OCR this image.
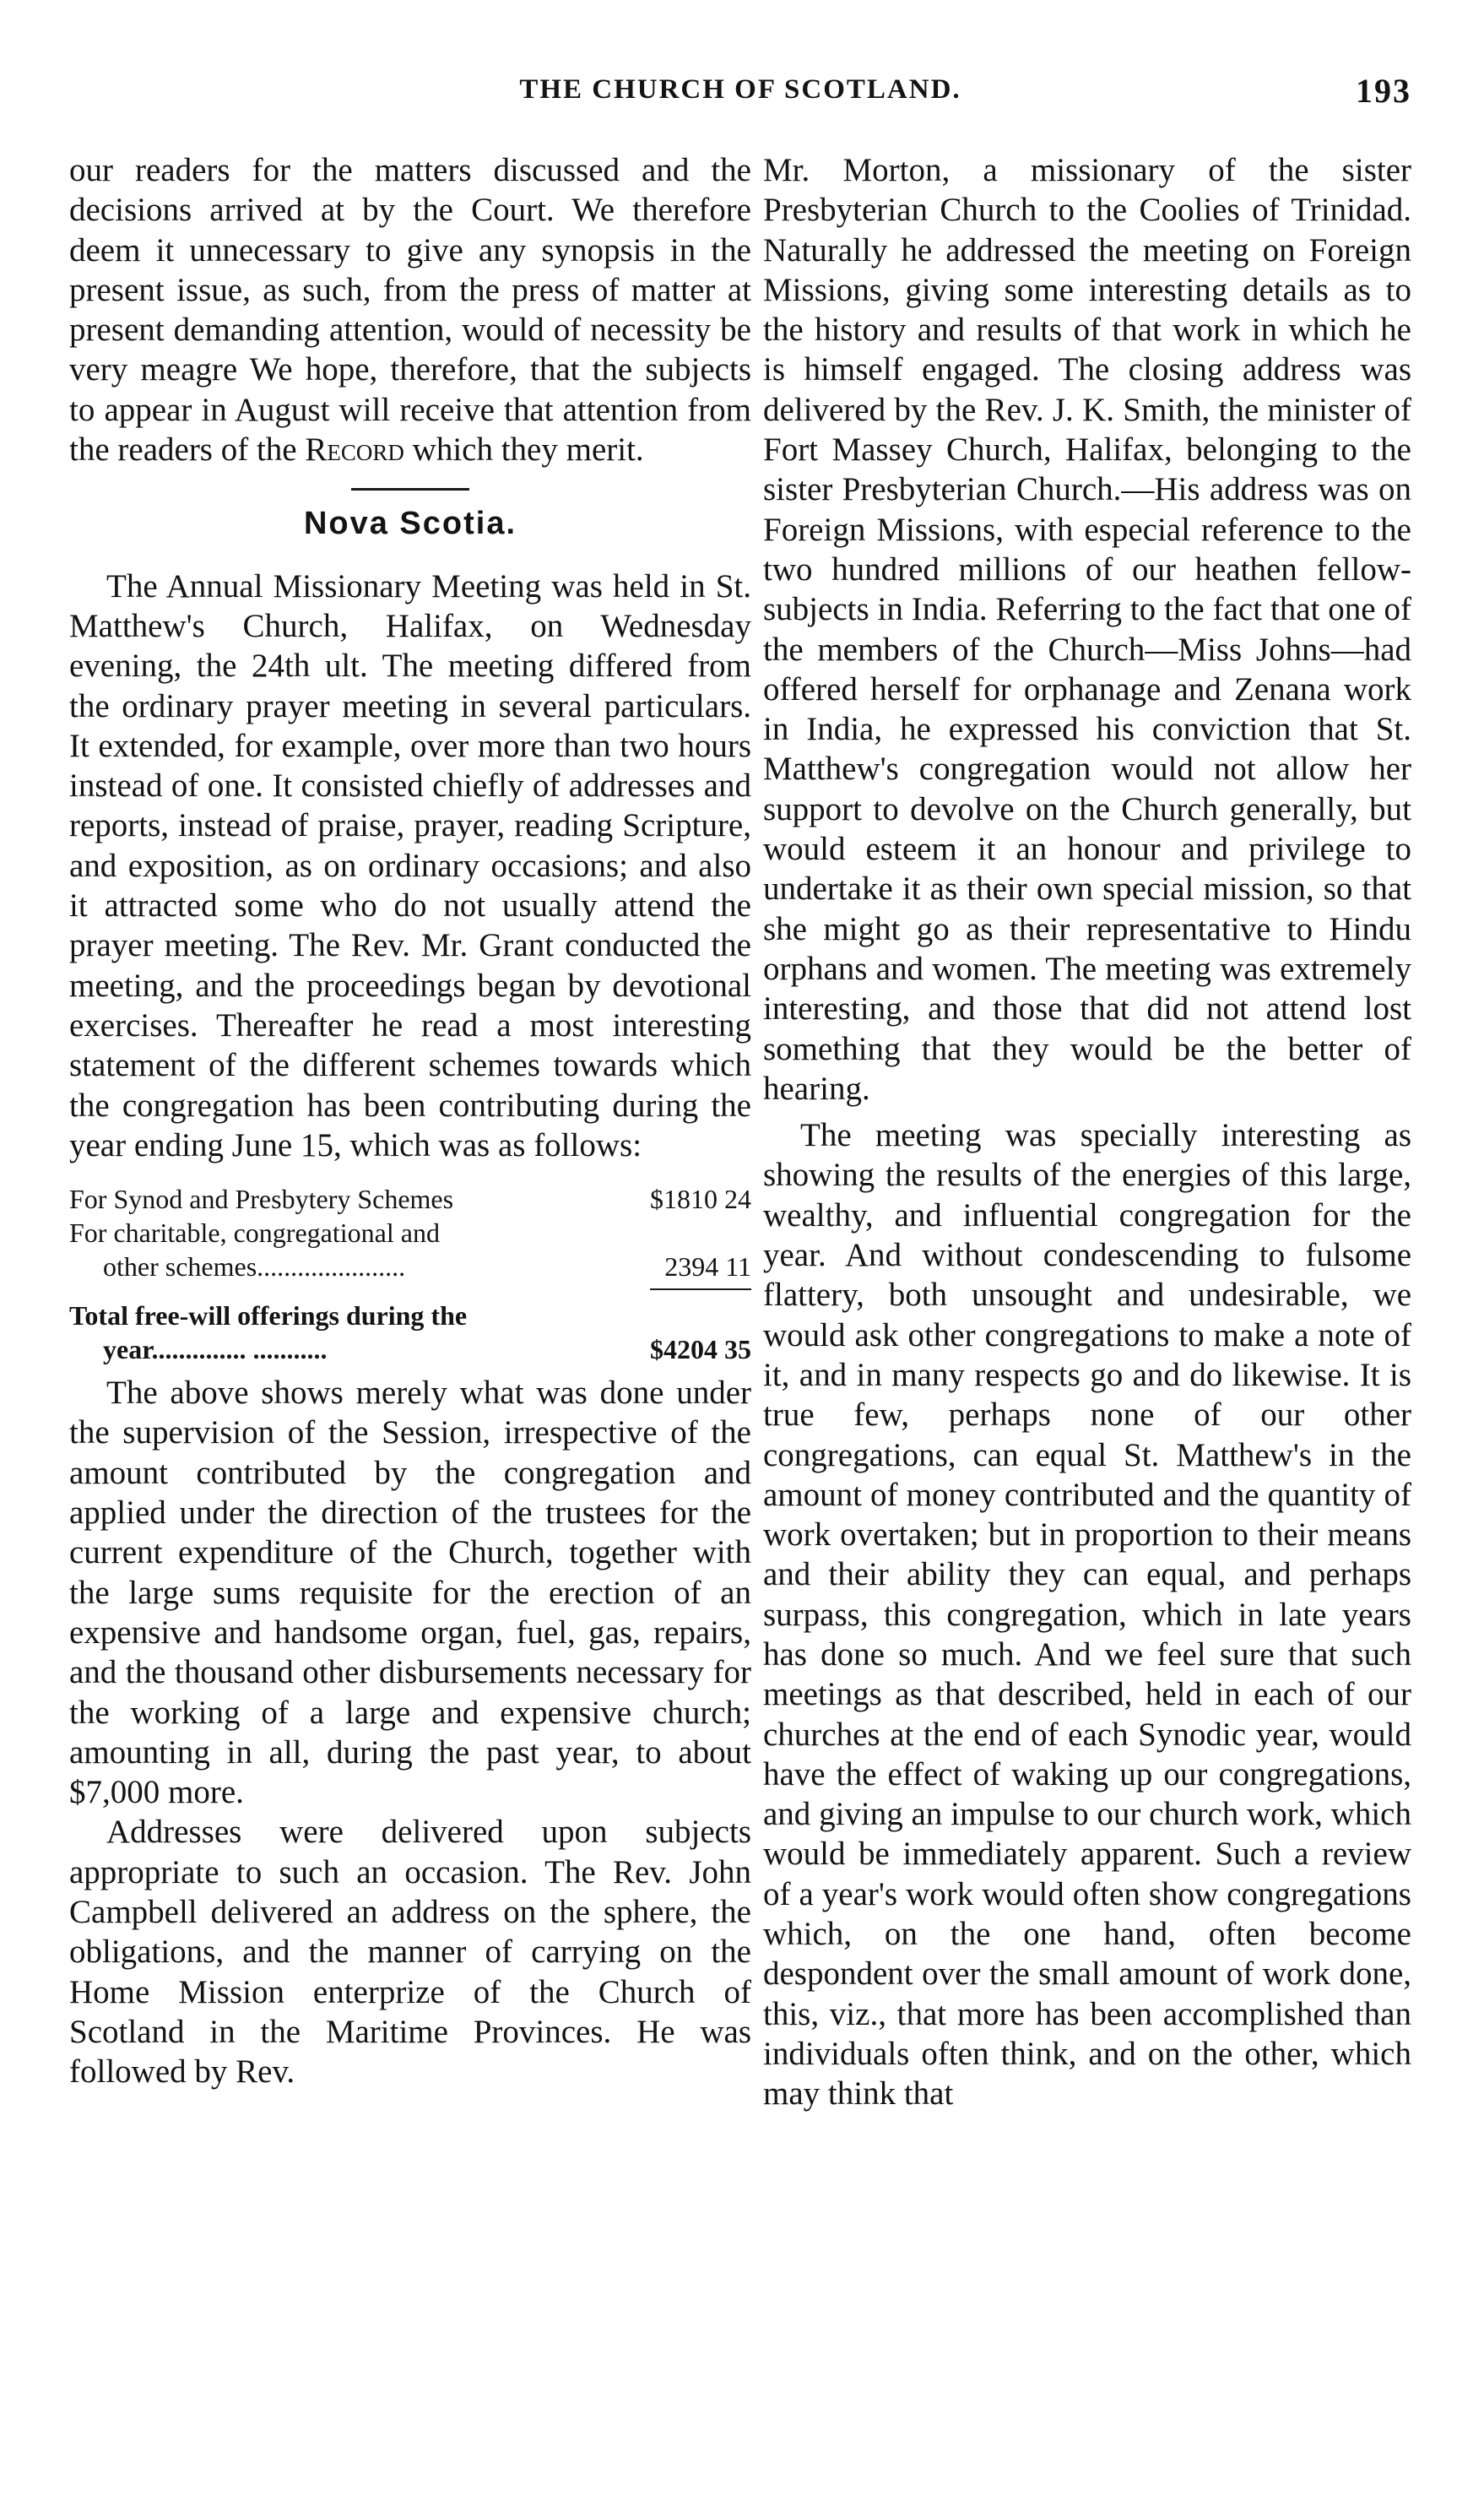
THE CHURCH OF SCOTLAND.	193

our readers for the matters discussed and the decisions arrived at by the Court. We therefore deem it unnecessary to give any synopsis in the present issue, as such, from the press of matter at present demanding attention, would of necessity be very meagre We hope, therefore, that the subjects to appear in August will receive that attention from the readers of the Record which they merit.

Nova Scotia.

The Annual Missionary Meeting was held in St. Matthew's Church, Halifax, on Wednesday evening, the 24th ult. The meeting differed from the ordinary prayer meeting in several particulars. It extended, for example, over more than two hours instead of one. It consisted chiefly of addresses and reports, instead of praise, prayer, reading Scripture, and exposition, as on ordinary occasions; and also it attracted some who do not usually attend the prayer meeting. The Rev. Mr. Grant conducted the meeting, and the proceedings began by devotional exercises. Thereafter he read a most interesting statement of the different schemes towards which the congregation has been contributing during the year ending June 15, which was as follows:

For Synod and Presbytery Schemes	$1810 24
For charitable, congregational and
other schemes......................	2394 11
Total free-will offerings during the
year.............. ...........	$4204 35

The above shows merely what was done under the supervision of the Session, irrespective of the amount contributed by the congregation and applied under the direction of the trustees for the current expenditure of the Church, together with the large sums requisite for the erection of an expensive and handsome organ, fuel, gas, repairs, and the thousand other disbursements necessary for the working of a large and expensive church; amounting in all, during the past year, to about $7,000 more.

Addresses were delivered upon subjects appropriate to such an occasion. The Rev. John Campbell delivered an address on the sphere, the obligations, and the manner of carrying on the Home Mission enterprize of the Church of Scotland in the Maritime Provinces. He was followed by Rev.

Mr. Morton, a missionary of the sister Presbyterian Church to the Coolies of Trinidad. Naturally he addressed the meeting on Foreign Missions, giving some interesting details as to the history and results of that work in which he is himself engaged. The closing address was delivered by the Rev. J. K. Smith, the minister of Fort Massey Church, Halifax, belonging to the sister Presbyterian Church.—His address was on Foreign Missions, with especial reference to the two hundred millions of our heathen fellow-subjects in India. Referring to the fact that one of the members of the Church—Miss Johns—had offered herself for orphanage and Zenana work in India, he expressed his conviction that St. Matthew's congregation would not allow her support to devolve on the Church generally, but would esteem it an honour and privilege to undertake it as their own special mission, so that she might go as their representative to Hindu orphans and women. The meeting was extremely interesting, and those that did not attend lost something that they would be the better of hearing.

The meeting was specially interesting as showing the results of the energies of this large, wealthy, and influential congregation for the year. And without condescending to fulsome flattery, both unsought and undesirable, we would ask other congregations to make a note of it, and in many respects go and do likewise. It is true few, perhaps none of our other congregations, can equal St. Matthew's in the amount of money contributed and the quantity of work overtaken; but in proportion to their means and their ability they can equal, and perhaps surpass, this congregation, which in late years has done so much. And we feel sure that such meetings as that described, held in each of our churches at the end of each Synodic year, would have the effect of waking up our congregations, and giving an impulse to our church work, which would be immediately apparent. Such a review of a year's work would often show congregations which, on the one hand, often become despondent over the small amount of work done, this, viz., that more has been accomplished than individuals often think, and on the other, which may think that
